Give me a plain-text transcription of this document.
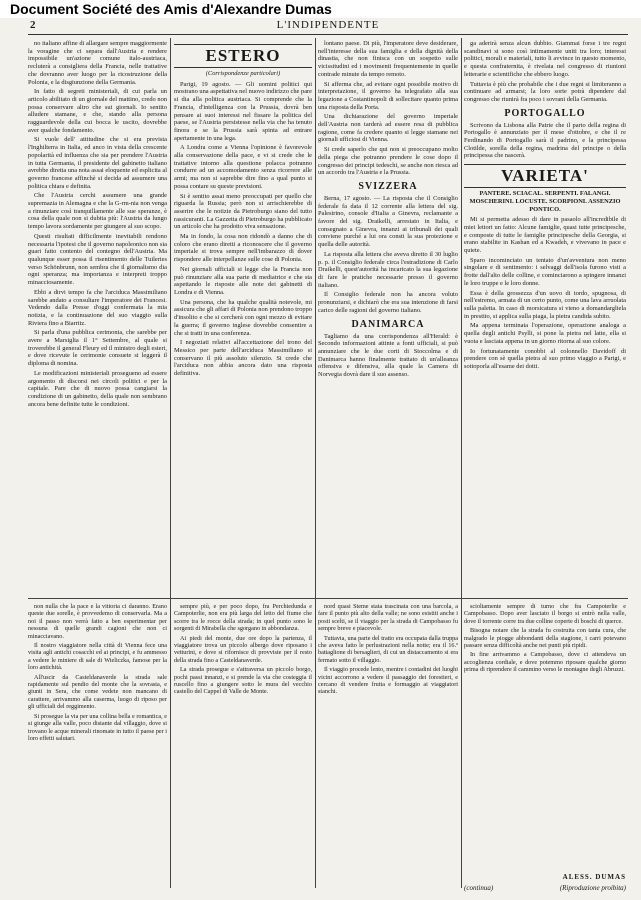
Document Société des Amis d'Alexandre Dumas
2	L'INDIPENDENTE

no italiano affine di allargare sempre maggiormente la voragine che ci separa dall'Austria e rendere impossibile un'azione comune italo-austriaca, recluterà a consigliera della Francia, nelle trattative che dovranno aver luogo per la ricostruzione della Polonia, e la disgiunzione della Germania.

In fatto di segreti ministeriali, di cui parla un articolo abilitato di un giornale del mattino, credo non possa conservare altro che sui giornali. Io sentito alludere stamane, e che, stando alla persona ragguardevole della cui bocca le uscito, dovrebbe aver qualche fondamento.

Si vuole dell' attitudine che si era prevista l'Inghilterra in Italia, ed anco in vista della crescente popolarità ed influenza che sia per prendere l'Austria in tutta Germania, il presidente del gabinetto italiano avrebbe diretta una nota assai eloquente ed esplicita al governo francese affinchè si decida ad assumere una politica chiara e definita.

Che l'Austria cerchi assumere una grande supremazia in Alemagna e che la G-rm-nia non venga a rinunziare così tranquillamente alle sue speranze, è cosa della quale non si dubita più: l'Austria da lungo tempo lavora sordamente per giungere al suo scopo.

Questi risultati difficilmente inevitabili rendono necessaria l'ipotesi che il governo napoleonico non sia guari fatto contento del contegno dell'Austria. Ma qualunque esser possa il risentimento delle Tuileries verso Schönbrunn, non sembra che il giornalismo dia ogni speranza; ma importanza e interpreti troppo minacciosamente.

Ebbi a dirvi tempo fa che l'arciduca Massimiliano sarebbe andato a consultare l'imperatore dei Francesi. Vedendo dalla Presse d'oggi confermata la mia notizia, e la continuazione del suo viaggio sulla Riviera fino a Biarritz.

Si parla d'una pubblica cerimonia, che sarebbe per avere a Marsiglia il 1° Settembre, al quale si troverebbe il general Fleury ed il ministro degli esteri, e dove ricevute le cerimonie consuete si leggerà il diploma di nomina.

Le modificazioni ministeriali prosegueno ad essere argomento di discorsi nei circoli politici e per la capitale. Pare che di nuovo possa cangiarsi la condizione di un gabinetto, della quale non sembrano ancora bene definite tutte le condizioni.

ESTERO

(Corrispondenze particolari)

Parigi, 19 agosto. — Gli uomini politici qui mostrano una aspettativa nel nuovo indirizzo che pare si dia alla politica austriaca. Si comprende che la Francia, d'intelligenza con la Prussia, dovrà ben pensare ai suoi interessi nel fissare la politica del paese, se l'Austria persistesse nella via che ha tenuto finora e se la Prussia sarà spinta ad entrare apertamente in una lega.

A Londra come a Vienna l'opinione è favorevole alla conservazione della pace, e vi si crede che le trattative intorno alla questione polacca potranno condurre ad un accomodamento senza ricorrere alle armi; ma non si saprebbe dire fino a qual punto si possa contare su queste previsioni.

Si è sentito assai meno preoccupati per quello che riguarda la Russia; però non si arrischierebbe di asserire che le notizie da Pietroburgo siano del tutto rassicuranti. La Gazzetta di Pietroburgo ha pubblicato un articolo che ha prodotto viva sensazione.

Ma in fondo, la cosa non ridondò a danno che di coloro che erano diretti a riconoscere che il governo imperiale si trova sempre nell'imbarazzo di dover rispondere alle interpellanze sulle cose di Polonia.

Nei giornali ufficiali si legge che la Francia non può rinunziare alla sua parte di mediatrice e che sta aspettando le risposte alle note dei gabinetti di Londra e di Vienna.

Una persona, che ha qualche qualità notevole, mi assicura che gli affari di Polonia non prendono troppo d'insolito e che si cercherà con ogni mezzo di evitare la guerra; il governo inglese dovrebbe consentire a che si tratti in una conferenza.

I negoziati relativi all'accettazione del trono del Messico per parte dell'arciduca Massimiliano si conservano il più assoluto silenzio. Si crede che l'arciduca non abbia ancora dato una risposta definitiva.

lontano paese. Di più, l'imperatore deve desiderare, nell'interesse della sua famiglia e della dignità della dinastia, che non finisca con un sospetto sulle vicissitudini ed i movimenti frequentemente in quelle contrade minute da tempo remoto.

Si afferma che, ad evitare ogni possibile motivo di interpretazione, il governo ha telegrafato alla sua legazione a Costantinopoli di sollecitare quanto prima una risposta della Porta.

Una dichiarazione del governo imperiale dell'Austria non tarderà ad essere resa di pubblica ragione, come fa credere quanto si legge stamane nei giornali ufficiosi di Vienna.

Si crede saperlo che qui non si preoccupano molto della piega che potranno prendere le cose dopo il congresso dei principi tedeschi, se anche non riesca ad un accordo tra l'Austria e la Prussia.

SVIZZERA

Berna, 17 agosto. — La risposta che il Consiglio federale fa data il 12 corrente alla lettera del sig. Palestrino, console d'Italia a Ginevra, reclamante a favore del sig. Draikelli, arrestato in Italia, e consegnato a Ginevra, innanzi ai tribunali dei quali conviene purché a lui ora consti la sua protezione e quella delle autorità.

La risposta alla lettera che aveva diretto il 30 luglio p. p. il Consiglio federale circa l'estradizione di Carlo Draikelli, quest'autorità ha incaricato la sua legazione di fare le pratiche necessarie presso il governo italiano.

Il Consiglio federale non ha ancora voluto pronunziarsi, e dichiarò che era sua intenzione di farsi carico delle ragioni del governo italiano.

DANIMARCA

Tagliamo da una corrispondenza all'Herald: è Secondo informazioni attinte a fonti ufficiali, si può annunziare che le due corti di Stoccolma e di Danimarca hanno finalmente trattato di un'alleanza offensiva e difensiva, alla quale la Camera di Norvegia dovrà dare il suo assenso.

ga aderirà senza alcun dubbio. Giammai forse i tre regni scandinavi si sono così intimamente uniti tra loro; interessi politici, morali e materiali, tutto li avvince in questo momento, e questa confraternita, è rivelata nel congresso di riunioni letterarie e scientifiche che ebbero luogo.

Tuttavia è più che probabile che i due regni si limiteranno a continuare ad armarsi; la loro sorte potrà dipendere dal congresso che riunirà fra poco i sovrani della Germania.

PORTOGALLO

Scrivono da Lisbona alla Patrie che il parto della regina di Portogallo è annunziato per il mese d'ottobre, e che il re Ferdinando di Portogallo sarà il padrino, e la principessa Clotilde, sorella della regina, madrina del principe o della principessa che nascerà.

VARIETA'

PANTERE. SCIACAL. SERPENTI. FALANGI. MOSCHERINI. LOCUSTE. SCORPIONI. ASSENZIO PONTICO.

Mi si permetta adesso di dare in pasaolo all'incredibile di miei lettori un fatto: Alcune famiglie, quasi tutte principesche, e composte di tutte le famiglie principesche della Georgia, si erano stabilite in Kashan ed a Kwadeh, e vivevano in pace e quiete.

Sparo incominciato un tentato d'un'avventura non meno singolare e di sentimento: i selvaggi dell'isola furono visti a frotte dall'alto delle colline, e cominciarono a spingere innanzi le loro truppe e le loro donne.

Essa è della grossezza d'un uovo di tordo, spugnosa, di nell'estremo, armata di un certo punto, come una lava arruolata sulla paletta. In caso di morsicatura si vieno a domandargliela in prestito, si applica sulla piaga, la pietra candida subito.

Ma appena terminata l'operazione, operazione analoga a quella degli antichi Psylli, si pone la pietra nel latte, ella si vuota e lasciata appena in un giorno ritorna al suo colore.

Io fortunatamente conobbi al colonnello Davidoff di prendere con sè quella pietra al suo primo viaggio a Parigi, e sottoporla all'esame dei dotti.

non nulla che la pace e la vittoria ci daranno. Erano queste due sorelle, è provvedemo di conservarla. Ma a noi il passo non verrà fatto a ben esperimentar per nessuna di quelle grandi cagioni che non ci minacciavano.

Il nostro viaggiatore nella città di Vienna fece una visita agli antichi cosacchi ed ai principi, e fu ammesso a vedere le miniere di sale di Wieliczka, famose per la loro antichità.

All'uscir da Casteldanaverde la strada sale rapidamente sul pendio del monte che la sovrasta, e giunti in Sera, che come vedete non mancano di carattere, arrivammo alla caserma, luogo di riposo per gli ufficiali del reggimento.

Si prosegue la via per una collina bella e romantica, e si giunge alla valle, poco distante dal villaggio, dove si trovano le acque minerali rinomate in tutto il paese per i loro effetti salutari.

sempre più, e per poco dopo, fra Perchiedunda e Campoterlie, non era più larga del letto del fiume che scorre tra le rocce della strada; in quel punto sono le sorgenti di Mirabella che sgorgano in abbondanza.

Ai piedi del monte, due ore dopo la partenza, il viaggiatore trova un piccolo albergo dove riposano i vetturini, e dove si rifornisce di provviste per il resto della strada fino a Casteldanaverde.

La strada prosegue e s'attraversa un piccolo borgo, pochi passi innanzi, e si prende la via che costeggia il ruscello fino a giungere sotto le mura del vecchio castello del Cappel di Valle de Monte.

nord quasi Steme stata trascinata con una barcola, a fare il punto più alto della valle; ne sono esistiti anche i posti scelti, se il viaggio per la strada di Campobasso fu sempre breve e piacevole.

Tuttavia, una parte del tratto era occupata dalla truppa che aveva fatto le perlustrazioni nella notte; era il 16.º battaglione di bersaglieri, di cui un distaccamento si era fermato sotto il villaggio.

Il viaggio procede lento, mentre i contadini dei luoghi vicini accorrono a vedere il passaggio dei forestieri, e cercano di vendere frutta e formaggio ai viaggiatori stanchi.

scioltamente sempre di turno che fra Campoterlie e Campobasso. Dopo aver lasciato il borgo si entrò nella valle, dove il torrente corre tra due colline coperte di boschi di querce.

Bisogna notare che la strada fu costruita con tanta cura, che malgrado le piogge abbondanti della stagione, i carri potevano passare senza difficoltà anche nei punti più ripidi.

In fine arrivammo a Campobasso, dove ci attendeva un accoglienza cordiale, e dove potemmo riposare qualche giorno prima di riprendere il cammino verso le montagne degli Abruzzi.

ALESS. DUMAS
(continua)	(Riproduzione proibita)
